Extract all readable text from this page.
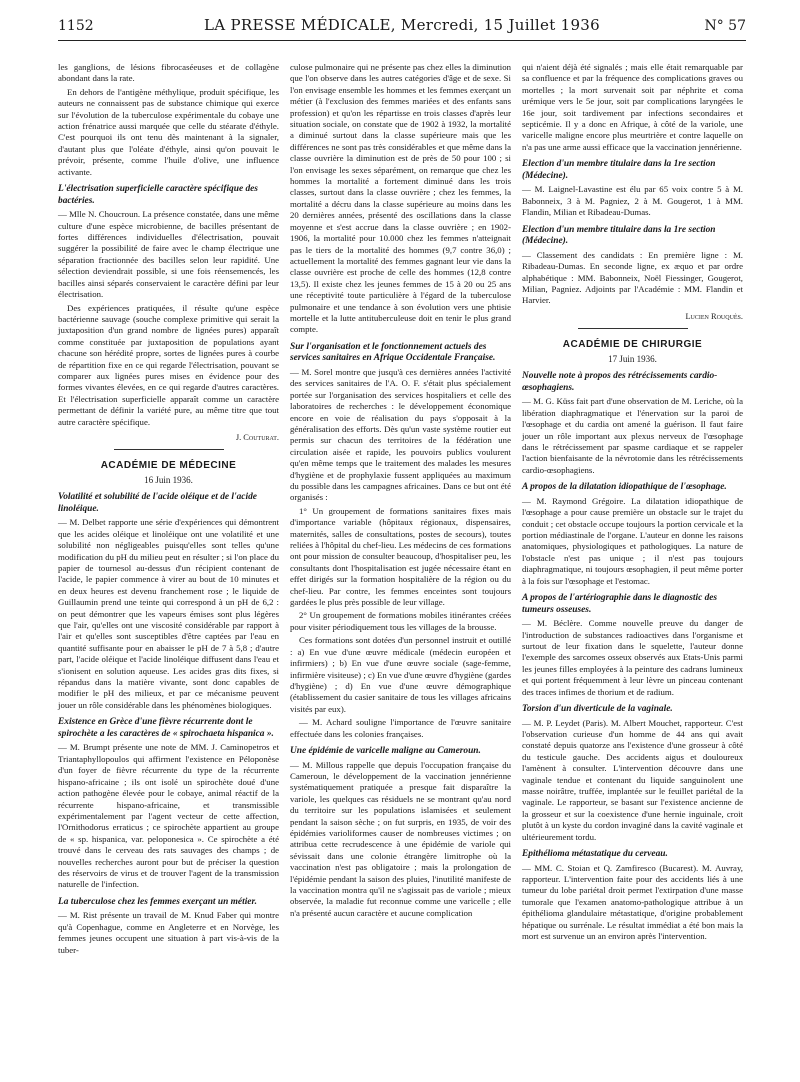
1152	LA PRESSE MÉDICALE, Mercredi, 15 Juillet 1936	N° 57

les ganglions, de lésions fibrocaséeuses et de collagène abondant dans la rate.

En dehors de l'antigène méthylique, produit spécifique, les auteurs ne connaissent pas de substance chimique qui exerce sur l'évolution de la tuberculose expérimentale du cobaye une action frénatrice aussi marquée que celle du stéarate d'éthyle. C'est pourquoi ils ont tenu dès maintenant à la signaler, d'autant plus que l'oléate d'éthyle, ainsi qu'on pouvait le prévoir, présente, comme l'huile d'olive, une influence activante.

L'électrisation superficielle caractère spécifique des bactéries.

— Mlle N. Choucroun. La présence constatée, dans une même culture d'une espèce microbienne, de bacilles présentant de fortes différences individuelles d'électrisation, pouvait suggérer la possibilité de faire avec le champ électrique une séparation fractionnée des bacilles selon leur rapidité. Une sélection deviendrait possible, si une fois réensemencés, les bacilles ainsi séparés conservaient le caractère défini par leur électrisation.

Des expériences pratiquées, il résulte qu'une espèce bactérienne sauvage (souche complexe primitive qui serait la juxtaposition d'un grand nombre de lignées pures) apparaît comme constituée par juxtaposition de populations ayant chacune son hérédité propre, sortes de lignées pures à courbe de répartition fixe en ce qui regarde l'électrisation, pouvant se comparer aux lignées pures mises en évidence pour des formes vivantes élevées, en ce qui regarde d'autres caractères. Et l'électrisation superficielle apparaît comme un caractère permettant de définir la variété pure, au même titre que tout autre caractère spécifique.

J. Couturat.

ACADÉMIE DE MÉDECINE
16 Juin 1936.
Volatilité et solubilité de l'acide oléique et de l'acide linoléique.

— M. Delbet rapporte une série d'expériences qui démontrent que les acides oléique et linoléique ont une volatilité et une solubilité non négligeables puisqu'elles sont telles qu'une modification du pH du milieu peut en résulter ; si l'on place du papier de tournesol au-dessus d'un récipient contenant de l'acide, le papier commence à virer au bout de 10 minutes et en deux heures est devenu franchement rose ; le liquide de Guillaumin prend une teinte qui correspond à un pH de 6,2 : on peut démontrer que les vapeurs émises sont plus légères que l'air, qu'elles ont une viscosité considérable par rapport à l'air et qu'elles sont susceptibles d'être captées par l'eau en quantité suffisante pour en abaisser le pH de 7 à 5,8 ; d'autre part, l'acide oléique et l'acide linoléique diffusent dans l'eau et s'ionisent en solution aqueuse. Les acides gras dits fixes, si répandus dans la matière vivante, sont donc capables de modifier le pH des milieux, et par ce mécanisme peuvent jouer un rôle considérable dans les phénomènes biologiques.

Existence en Grèce d'une fièvre récurrente dont le spirochète a les caractères de « spirochaeta hispanica ».

— M. Brumpt présente une note de MM. J. Caminopetros et Triantaphyllopoulos qui affirment l'existence en Péloponèse d'un foyer de fièvre récurrente du type de la récurrente hispano-africaine ; ils ont isolé un spirochète doué d'une action pathogène élevée pour le cobaye, animal réactif de la récurrente hispano-africaine, et transmissible expérimentalement par l'agent vecteur de cette affection, l'Ornithodorus erraticus ; ce spirochète appartient au groupe de « sp. hispanica, var. peloponesica ». Ce spirochète a été trouvé dans le cerveau des rats sauvages des champs ; de nouvelles recherches auront pour but de préciser la question des réservoirs de virus et de trouver l'agent de la transmission naturelle de l'infection.

La tuberculose chez les femmes exerçant un métier.

— M. Rist présente un travail de M. Knud Faber qui montre qu'à Copenhague, comme en Angleterre et en Norvège, les femmes jeunes occupent une situation à part vis-à-vis de la tuber-

culose pulmonaire qui ne présente pas chez elles la diminution que l'on observe dans les autres catégories d'âge et de sexe. Si l'on envisage ensemble les hommes et les femmes exerçant un métier (à l'exclusion des femmes mariées et des enfants sans profession) et qu'on les répartisse en trois classes d'après leur situation sociale, on constate que de 1902 à 1932, la mortalité a diminué surtout dans la classe supérieure mais que les différences ne sont pas très considérables et que même dans la classe ouvrière la diminution est de près de 50 pour 100 ; si l'on envisage les sexes séparément, on remarque que chez les hommes la mortalité a fortement diminué dans les trois classes, surtout dans la classe ouvrière ; chez les femmes, la mortalité a décru dans la classe supérieure au moins dans les 20 dernières années, présenté des oscillations dans la classe moyenne et s'est accrue dans la classe ouvrière ; en 1902-1906, la mortalité pour 10.000 chez les femmes n'atteignait pas le tiers de la mortalité des hommes (9,7 contre 36,0) ; actuellement la mortalité des femmes gagnant leur vie dans la classe ouvrière est proche de celle des hommes (12,8 contre 13,5). Il existe chez les jeunes femmes de 15 à 20 ou 25 ans une réceptivité toute particulière à l'égard de la tuberculose pulmonaire et une tendance à son évolution vers une phtisie mortelle et la lutte antituberculeuse doit en tenir le plus grand compte.

Sur l'organisation et le fonctionnement actuels des services sanitaires en Afrique Occidentale Française.

— M. Sorel montre que jusqu'à ces dernières années l'activité des services sanitaires de l'A. O. F. s'était plus spécialement portée sur l'organisation des services hospitaliers et celle des laboratoires de recherches : le développement économique encore en voie de réalisation du pays s'opposait à la généralisation des efforts. Dès qu'un vaste système routier eut permis sur chacun des territoires de la fédération une circulation aisée et rapide, les pouvoirs publics voulurent qu'en même temps que le traitement des malades les mesures d'hygiène et de prophylaxie fussent appliquées au maximum du possible dans les campagnes africaines. Dans ce but ont été organisés :

1° Un groupement de formations sanitaires fixes mais d'importance variable (hôpitaux régionaux, dispensaires, maternités, salles de consultations, postes de secours), toutes reliées à l'hôpital du chef-lieu. Les médecins de ces formations ont pour mission de consulter beaucoup, d'hospitaliser peu, les consultants dont l'hospitalisation est jugée nécessaire étant en effet dirigés sur la formation hospitalière de la région ou du chef-lieu. Par contre, les femmes enceintes sont toujours gardées le plus près possible de leur village.

2° Un groupement de formations mobiles itinérantes créées pour visiter périodiquement tous les villages de la brousse.

Ces formations sont dotées d'un personnel instruit et outillé : a) En vue d'une œuvre médicale (médecin européen et infirmiers) ; b) En vue d'une œuvre sociale (sage-femme, infirmière visiteuse) ; c) En vue d'une œuvre d'hygiène (gardes d'hygiène) ; d) En vue d'une œuvre démographique (établissement du casier sanitaire de tous les villages africains visités par eux).

— M. Achard souligne l'importance de l'œuvre sanitaire effectuée dans les colonies françaises.

Une épidémie de varicelle maligne au Cameroun.

— M. Millous rappelle que depuis l'occupation française du Cameroun, le développement de la vaccination jennérienne systématiquement pratiquée a presque fait disparaître la variole, les quelques cas résiduels ne se montrant qu'au nord du territoire sur les populations islamisées et seulement pendant la saison sèche ; on fut surpris, en 1935, de voir des épidémies varioliformes causer de nombreuses victimes ; on attribua cette recrudescence à une épidémie de variole qui sévissait dans une colonie étrangère limitrophe où la vaccination n'est pas obligatoire ; mais la prolongation de l'épidémie pendant la saison des pluies, l'inutilité manifeste de la vaccination montra qu'il ne s'agissait pas de variole ; mieux observée, la maladie fut reconnue comme une varicelle ; elle n'a présenté aucun caractère et aucune complication

qui n'aient déjà été signalés ; mais elle était remarquable par sa confluence et par la fréquence des complications graves ou mortelles ; la mort survenait soit par néphrite et coma urémique vers le 5e jour, soit par complications laryngées le 16e jour, soit tardivement par infections secondaires et septicémie. Il y a donc en Afrique, à côté de la variole, une varicelle maligne encore plus meurtrière et contre laquelle on n'a pas une arme aussi efficace que la vaccination jennérienne.

Election d'un membre titulaire dans la 1re section (Médecine).

— M. Laignel-Lavastine est élu par 65 voix contre 5 à M. Babonneix, 3 à M. Pagniez, 2 à M. Gougerot, 1 à MM. Flandin, Milian et Ribadeau-Dumas.

Election d'un membre titulaire dans la 1re section (Médecine).

— Classement des candidats : En première ligne : M. Ribadeau-Dumas. En seconde ligne, ex æquo et par ordre alphabétique : MM. Babonneix, Noël Fiessinger, Gougerot, Milian, Pagniez. Adjoints par l'Académie : MM. Flandin et Harvier.

Lucien Rouquès.

ACADÉMIE DE CHIRURGIE
17 Juin 1936.
Nouvelle note à propos des rétrécissements cardio-œsophagiens.

— M. G. Küss fait part d'une observation de M. Leriche, où la libération diaphragmatique et l'énervation sur la paroi de l'œsophage et du cardia ont amené la guérison. Il faut faire jouer un rôle important aux plexus nerveux de l'œsophage dans le rétrécissement par spasme cardiaque et se rappeler l'action bienfaisante de la névrotomie dans les rétrécissements cardio-œsophagiens.

A propos de la dilatation idiopathique de l'œsophage.

— M. Raymond Grégoire. La dilatation idiopathique de l'œsophage a pour cause première un obstacle sur le trajet du conduit ; cet obstacle occupe toujours la portion cervicale et la portion médiastinale de l'organe. L'auteur en donne les raisons anatomiques, physiologiques et pathologiques. La nature de l'obstacle n'est pas unique ; il n'est pas toujours diaphragmatique, ni toujours œsophagien, il peut même porter à la fois sur l'œsophage et l'estomac.

A propos de l'artériographie dans le diagnostic des tumeurs osseuses.

— M. Béclère. Comme nouvelle preuve du danger de l'introduction de substances radioactives dans l'organisme et surtout de leur fixation dans le squelette, l'auteur donne l'exemple des sarcomes osseux observés aux Etats-Unis parmi les jeunes filles employées à la peinture des cadrans lumineux et qui portent fréquemment à leur lèvre un pinceau contenant des traces infimes de thorium et de radium.

Torsion d'un diverticule de la vaginale.

— M. P. Leydet (Paris). M. Albert Mouchet, rapporteur. C'est l'observation curieuse d'un homme de 44 ans qui avait constaté depuis quatorze ans l'existence d'une grosseur à côté du testicule gauche. Des accidents aigus et douloureux l'amènent à consulter. L'intervention découvre dans une vaginale tendue et contenant du liquide sanguinolent une masse noirâtre, truffée, implantée sur le feuillet pariétal de la vaginale. Le rapporteur, se basant sur l'existence ancienne de la grosseur et sur la coexistence d'une hernie inguinale, croit plutôt à un kyste du cordon invaginé dans la cavité vaginale et ultérieurement tordu.

Epithélioma métastatique du cerveau.

— MM. C. Stoian et Q. Zamfiresco (Bucarest). M. Auvray, rapporteur. L'intervention faite pour des accidents liés à une tumeur du lobe pariétal droit permet l'extirpation d'une masse tumorale que l'examen anatomo-pathologique attribue à un épithélioma glandulaire métastatique, d'origine probablement hépatique ou surrénale. Le résultat immédiat a été bon mais la mort est survenue un an environ après l'intervention.
